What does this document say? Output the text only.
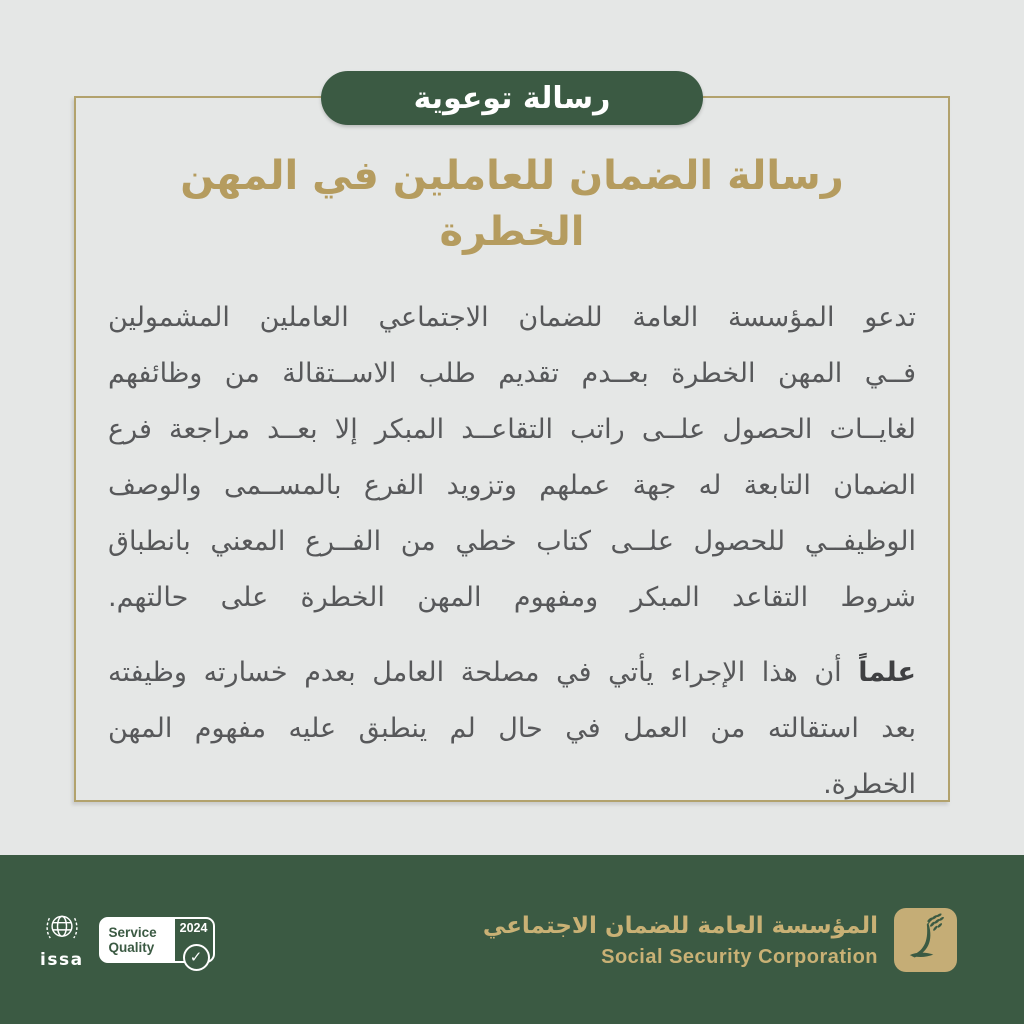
رسالة توعوية
رسالة الضمان للعاملين في المهن الخطرة
تدعو المؤسسة العامة للضمان الاجتماعي العاملين المشمولين
فــي المهن الخطرة بعــدم تقديم طلب الاســتقالة من وظائفهم
لغايــات الحصول علــى راتب التقاعــد المبكر إلا بعــد مراجعة فرع
الضمان التابعة له جهة عملهم وتزويد الفرع بالمســمى والوصف
الوظيفــي للحصول علــى كتاب خطي من الفــرع المعني بانطباق
شروط التقاعد المبكر ومفهوم المهن الخطرة على حالتهم.
علماً أن هذا الإجراء يأتي في مصلحة العامل بعدم خسارته وظيفته
بعد استقالته من العمل في حال لم ينطبق عليه مفهوم المهن
الخطرة.
issa
Service
Quality
2024
✓
المؤسسة العامة للضمان الاجتماعي
Social Security Corporation
